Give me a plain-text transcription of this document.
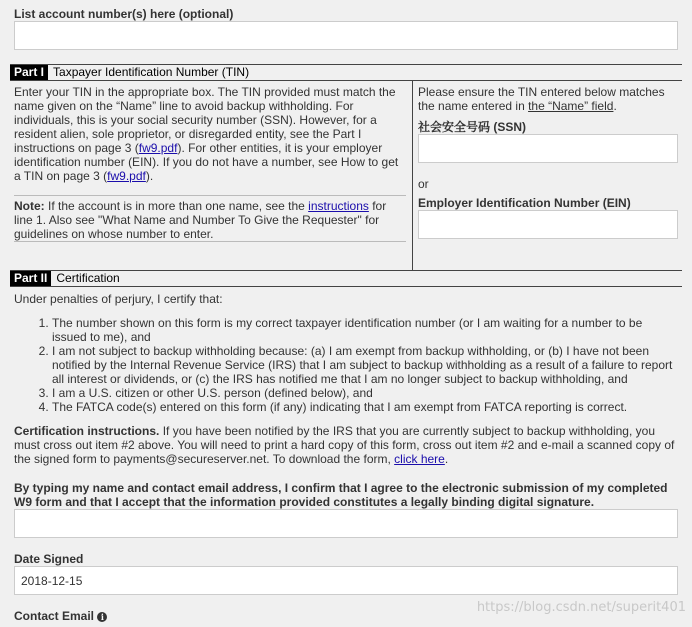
List account number(s) here (optional)
Part I Taxpayer Identification Number (TIN)
Enter your TIN in the appropriate box. The TIN provided must match the name given on the “Name” line to avoid backup withholding. For individuals, this is your social security number (SSN). However, for a resident alien, sole proprietor, or disregarded entity, see the Part I instructions on page 3 (fw9.pdf). For other entities, it is your employer identification number (EIN). If you do not have a number, see How to get a TIN on page 3 (fw9.pdf).
Note: If the account is in more than one name, see the instructions for line 1. Also see "What Name and Number To Give the Requester" for guidelines on whose number to enter.
Please ensure the TIN entered below matches the name entered in the “Name” field.
社会安全号码 (SSN)
or
Employer Identification Number (EIN)
Part II Certification
Under penalties of perjury, I certify that:
1. The number shown on this form is my correct taxpayer identification number (or I am waiting for a number to be issued to me), and
2. I am not subject to backup withholding because: (a) I am exempt from backup withholding, or (b) I have not been notified by the Internal Revenue Service (IRS) that I am subject to backup withholding as a result of a failure to report all interest or dividends, or (c) the IRS has notified me that I am no longer subject to backup withholding, and
3. I am a U.S. citizen or other U.S. person (defined below), and
4. The FATCA code(s) entered on this form (if any) indicating that I am exempt from FATCA reporting is correct.
Certification instructions. If you have been notified by the IRS that you are currently subject to backup withholding, you must cross out item #2 above. You will need to print a hard copy of this form, cross out item #2 and e-mail a scanned copy of the signed form to payments@secureserver.net. To download the form, click here.
By typing my name and contact email address, I confirm that I agree to the electronic submission of my completed W9 form and that I accept that the information provided constitutes a legally binding digital signature.
Date Signed
2018-12-15
Contact Email i
https://blog.csdn.net/superit401
